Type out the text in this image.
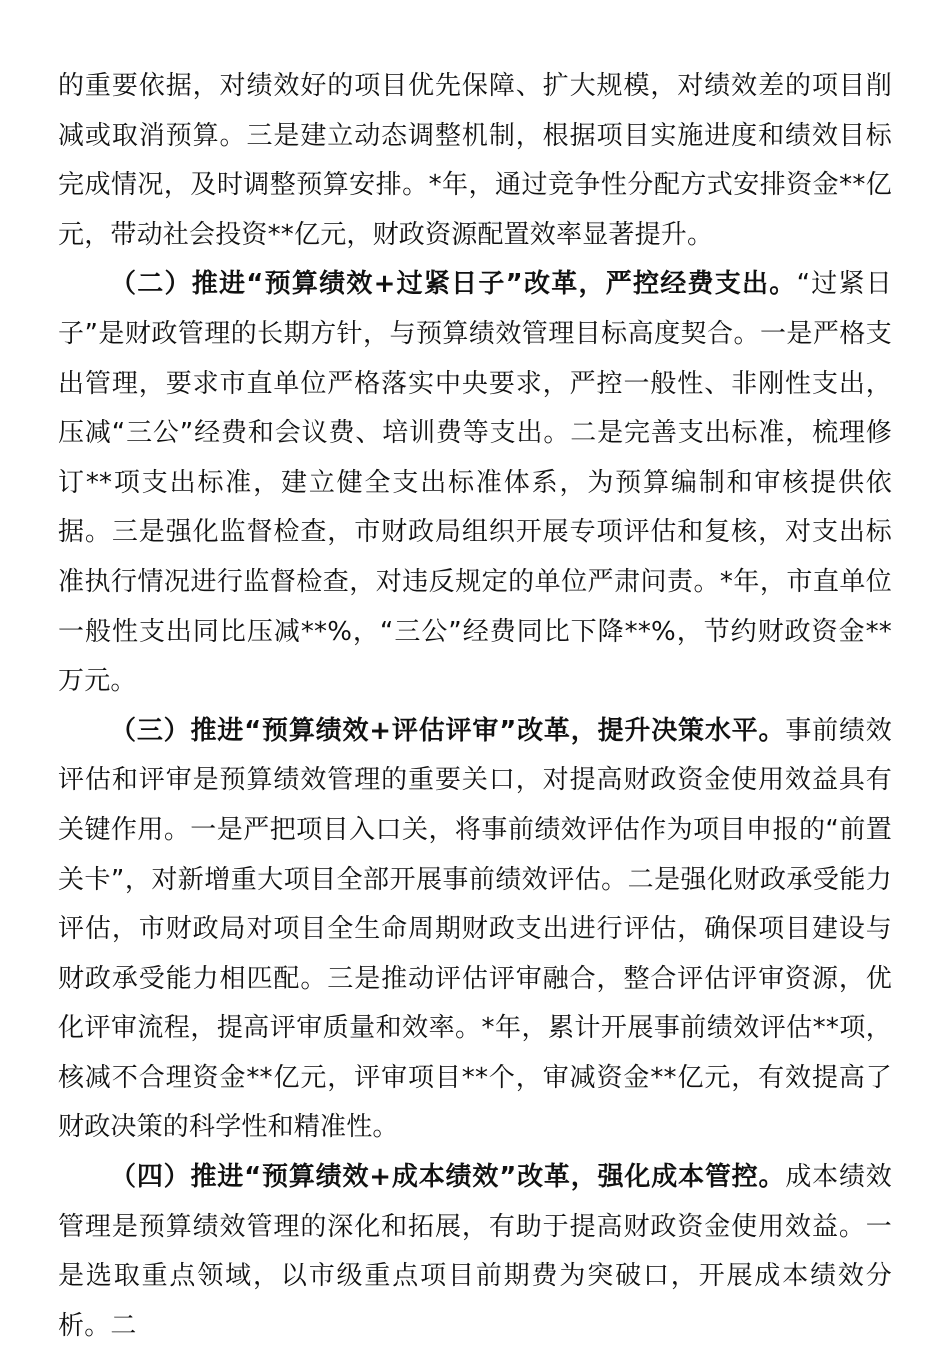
的重要依据，对绩效好的项目优先保障、扩大规模，对绩效差的项目削减或取消预算。三是建立动态调整机制，根据项目实施进度和绩效目标完成情况，及时调整预算安排。*年，通过竞争性分配方式安排资金**亿元，带动社会投资**亿元，财政资源配置效率显著提升。

（二）推进“预算绩效+过紧日子”改革，严控经费支出。“过紧日子”是财政管理的长期方针，与预算绩效管理目标高度契合。一是严格支出管理，要求市直单位严格落实中央要求，严控一般性、非刚性支出，压减“三公”经费和会议费、培训费等支出。二是完善支出标准，梳理修订**项支出标准，建立健全支出标准体系，为预算编制和审核提供依据。三是强化监督检查，市财政局组织开展专项评估和复核，对支出标准执行情况进行监督检查，对违反规定的单位严肃问责。*年，市直单位一般性支出同比压减**%，“三公”经费同比下降**%，节约财政资金**万元。

（三）推进“预算绩效+评估评审”改革，提升决策水平。事前绩效评估和评审是预算绩效管理的重要关口，对提高财政资金使用效益具有关键作用。一是严把项目入口关，将事前绩效评估作为项目申报的“前置关卡”，对新增重大项目全部开展事前绩效评估。二是强化财政承受能力评估，市财政局对项目全生命周期财政支出进行评估，确保项目建设与财政承受能力相匹配。三是推动评估评审融合，整合评估评审资源，优化评审流程，提高评审质量和效率。*年，累计开展事前绩效评估**项，核减不合理资金**亿元，评审项目**个，审减资金**亿元，有效提高了财政决策的科学性和精准性。

（四）推进“预算绩效+成本绩效”改革，强化成本管控。成本绩效管理是预算绩效管理的深化和拓展，有助于提高财政资金使用效益。一是选取重点领域，以市级重点项目前期费为突破口，开展成本绩效分析。二
